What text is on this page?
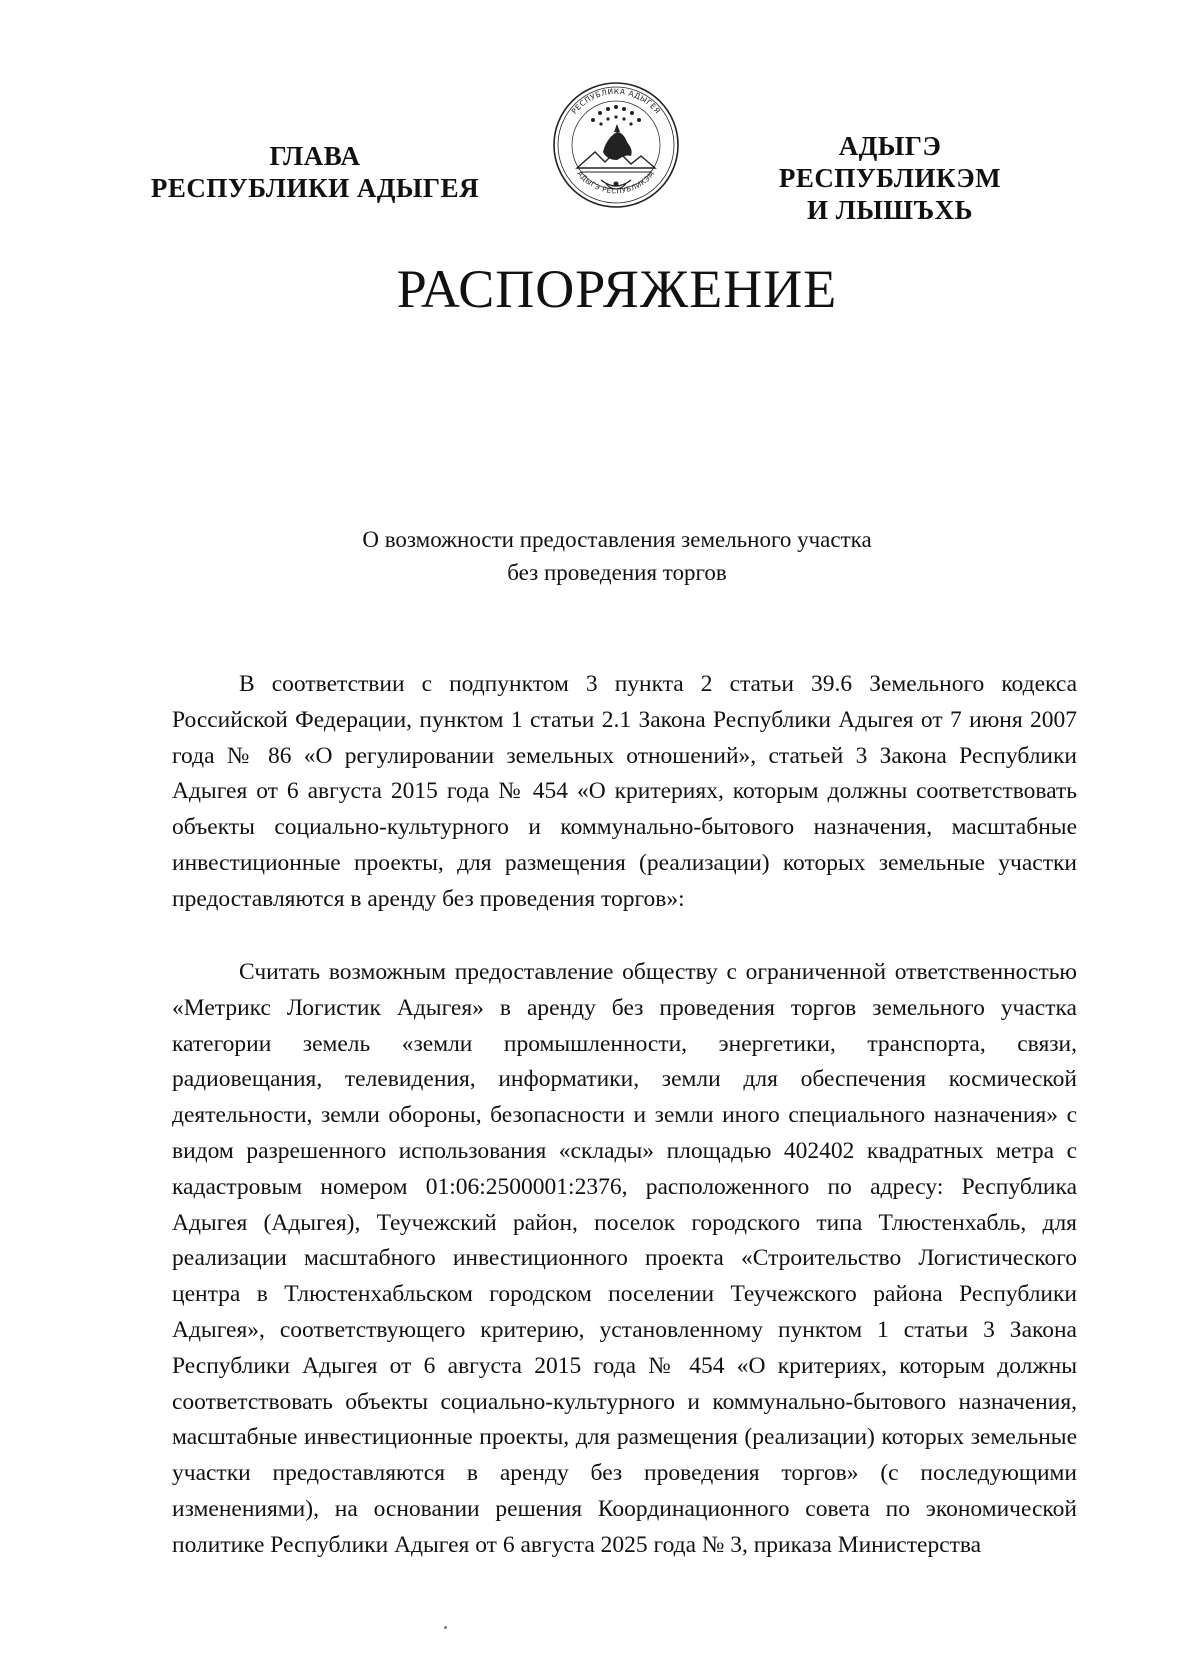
ГЛАВА
РЕСПУБЛИКИ АДЫГЕЯ
РЕСПУБЛИКА АДЫГЕЯ
АДЫГЭ РЕСПУБЛИКЭМ
АДЫГЭ РЕСПУБЛИКЭМ
И ЛЫШЪХЬ
РАСПОРЯЖЕНИЕ
О возможности предоставления земельного участка
без проведения торгов

В соответствии с подпунктом 3 пункта 2 статьи 39.6 Земельного кодекса Российской Федерации, пунктом 1 статьи 2.1 Закона Республики Адыгея от 7 июня 2007 года № 86 «О регулировании земельных отношений», статьей 3 Закона Республики Адыгея от 6 августа 2015 года № 454 «О критериях, которым должны соответствовать объекты социально-культурного и коммунально-бытового назначения, масштабные инвестиционные проекты, для размещения (реализации) которых земельные участки предоставляются в аренду без проведения торгов»:

Считать возможным предоставление обществу с ограниченной ответственностью «Метрикс Логистик Адыгея» в аренду без проведения торгов земельного участка категории земель «земли промышленности, энергетики, транспорта, связи, радиовещания, телевидения, информатики, земли для обеспечения космической деятельности, земли обороны, безопасности и земли иного специального назначения» с видом разрешенного использования «склады» площадью 402402 квадратных метра с кадастровым номером 01:06:2500001:2376, расположенного по адресу: Республика Адыгея (Адыгея), Теучежский район, поселок городского типа Тлюстенхабль, для реализации масштабного инвестиционного проекта «Строительство Логистического центра в Тлюстенхабльском городском поселении Теучежского района Республики Адыгея», соответствующего критерию, установленному пунктом 1 статьи 3 Закона Республики Адыгея от 6 августа 2015 года № 454 «О критериях, которым должны соответствовать объекты социально-культурного и коммунально-бытового назначения, масштабные инвестиционные проекты, для размещения (реализации) которых земельные участки предоставляются в аренду без проведения торгов» (с последующими изменениями), на основании решения Координационного совета по экономической политике Республики Адыгея от 6 августа 2025 года № 3, приказа Министерства
